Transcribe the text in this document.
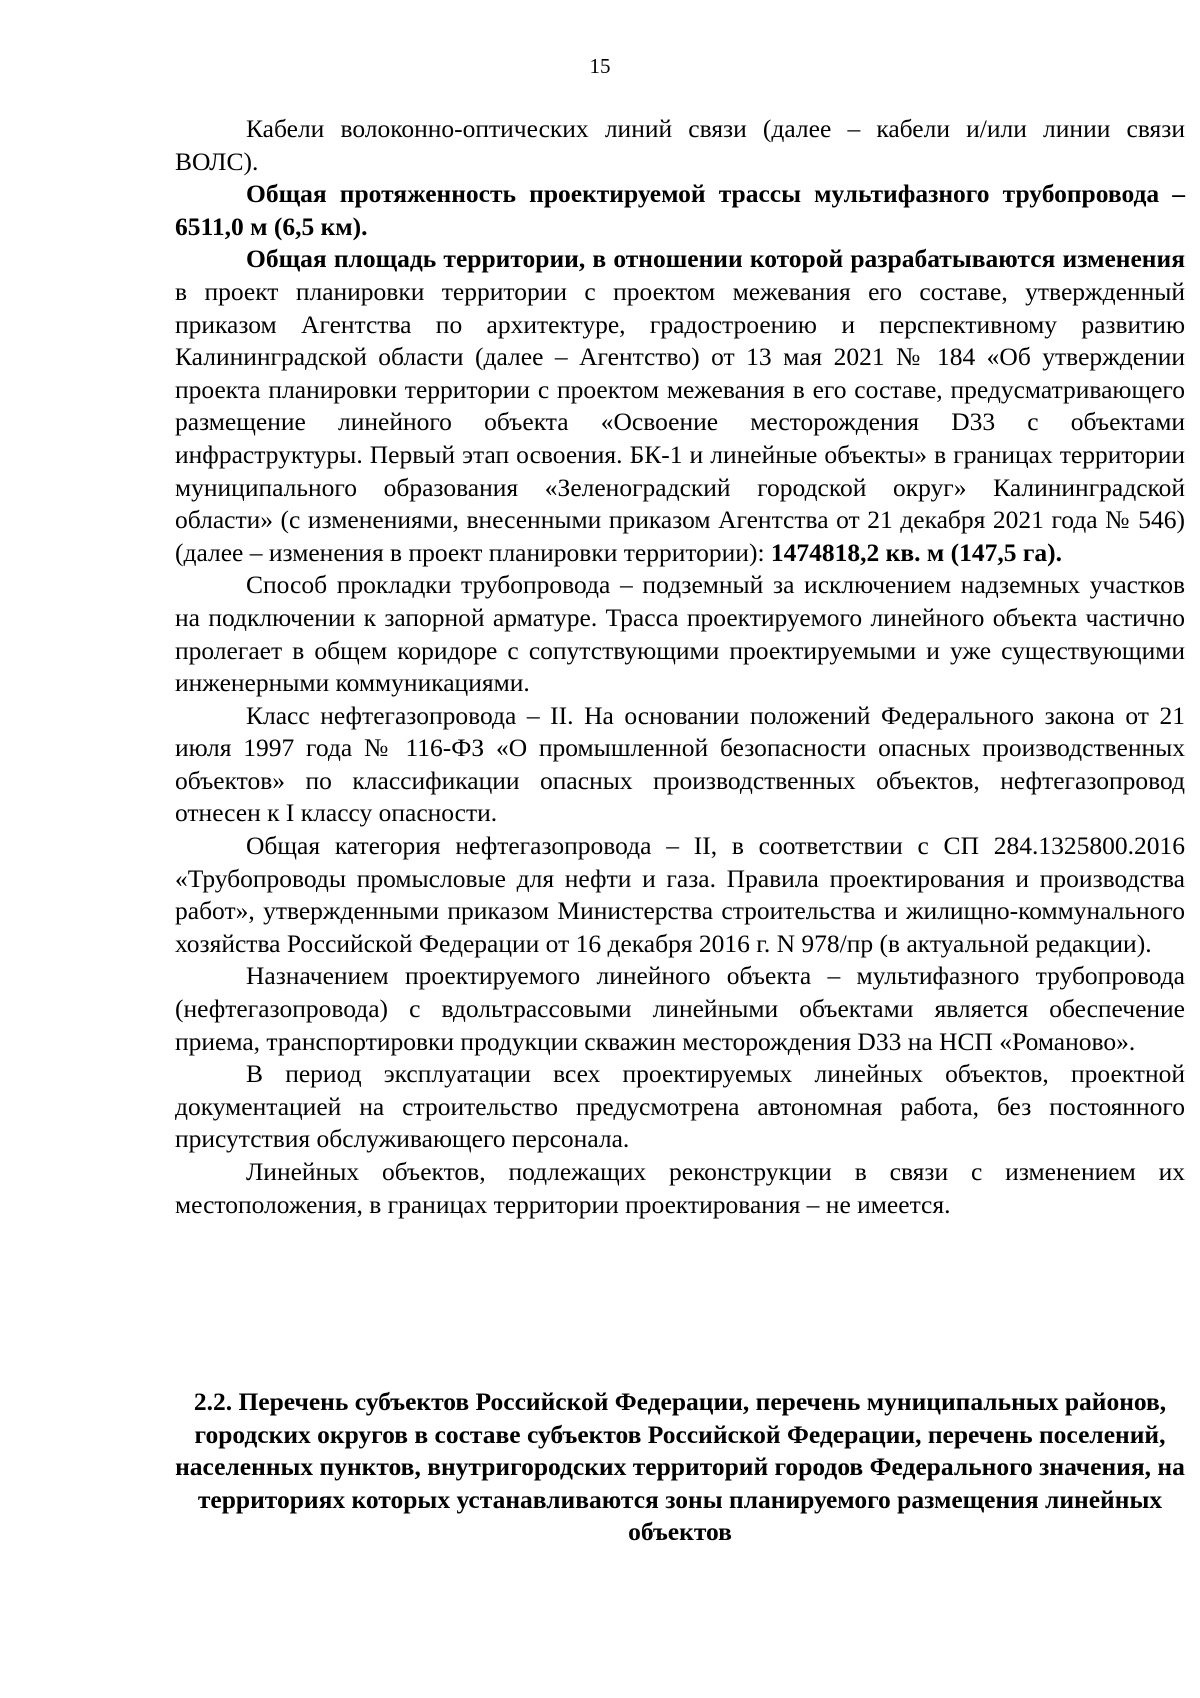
15

Кабели волоконно-оптических линий связи (далее – кабели и/или линии связи ВОЛС).

Общая протяженность проектируемой трассы мультифазного трубопровода – 6511,0 м (6,5 км).

Общая площадь территории, в отношении которой разрабатываются изменения в проект планировки территории с проектом межевания его составе, утвержденный приказом Агентства по архитектуре, градостроению и перспективному развитию Калининградской области (далее – Агентство) от 13 мая 2021 № 184 «Об утверждении проекта планировки территории с проектом межевания в его составе, предусматривающего размещение линейного объекта «Освоение месторождения D33 с объектами инфраструктуры. Первый этап освоения. БК-1 и линейные объекты» в границах территории муниципального образования «Зеленоградский городской округ» Калининградской области» (с изменениями, внесенными приказом Агентства от 21 декабря 2021 года № 546) (далее – изменения в проект планировки территории): 1474818,2 кв. м (147,5 га).

Способ прокладки трубопровода – подземный за исключением надземных участков на подключении к запорной арматуре. Трасса проектируемого линейного объекта частично пролегает в общем коридоре с сопутствующими проектируемыми и уже существующими инженерными коммуникациями.

Класс нефтегазопровода – II. На основании положений Федерального закона от 21 июля 1997 года № 116-ФЗ «О промышленной безопасности опасных производственных объектов» по классификации опасных производственных объектов, нефтегазопровод отнесен к I классу опасности.

Общая категория нефтегазопровода – II, в соответствии с СП 284.1325800.2016 «Трубопроводы промысловые для нефти и газа. Правила проектирования и производства работ», утвержденными приказом Министерства строительства и жилищно-коммунального хозяйства Российской Федерации от 16 декабря 2016 г. N 978/пр (в актуальной редакции).

Назначением проектируемого линейного объекта – мультифазного трубопровода (нефтегазопровода) с вдольтрассовыми линейными объектами является обеспечение приема, транспортировки продукции скважин месторождения D33 на НСП «Романово».

В период эксплуатации всех проектируемых линейных объектов, проектной документацией на строительство предусмотрена автономная работа, без постоянного присутствия обслуживающего персонала.

Линейных объектов, подлежащих реконструкции в связи с изменением их местоположения, в границах территории проектирования – не имеется.

2.2. Перечень субъектов Российской Федерации, перечень муниципальных районов, городских округов в составе субъектов Российской Федерации, перечень поселений, населенных пунктов, внутригородских территорий городов Федерального значения, на территориях которых устанавливаются зоны планируемого размещения линейных объектов
